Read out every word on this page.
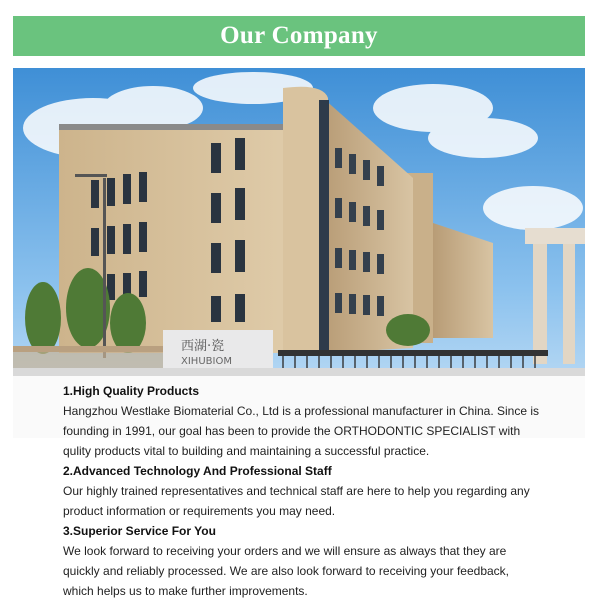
Our Company
西湖·瓷
XIHUBIOM
1.High Quality Products

Hangzhou Westlake Biomaterial Co., Ltd is a professional manufacturer in China. Since is

founding in 1991, our goal has been to provide the ORTHODONTIC SPECIALIST with

qulity products vital to building and maintaining a successful practice.

2.Advanced Technology And Professional Staff

Our highly trained representatives and technical staff are here to help you regarding any

product information or requirements you may need.

3.Superior Service For You

We look forward to receiving your orders and we will ensure as always that they are

quickly and reliably processed. We are also look forward to receiving your feedback,

which helps us to make further improvements.
